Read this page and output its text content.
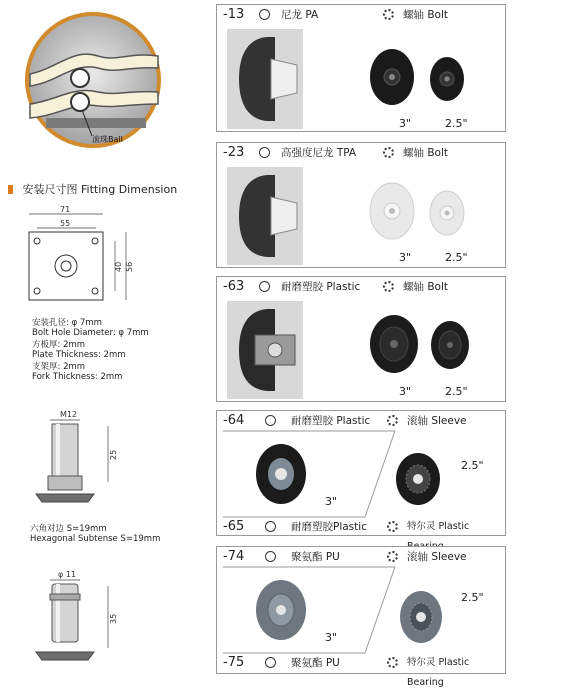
滚珠Ball
安装尺寸图 Fitting Dimension
71
55
40 56
安装孔径: φ 7mm
Bolt Hole Diameter: φ 7mm
方板厚: 2mm
Plate Thickness: 2mm
支架厚: 2mm
Fork Thickness: 2mm
M12
25
六角对边 S=19mm
Hexagonal Subtense S=19mm
φ 11
35
-13	尼龙 PA	螺轴 Bolt
3"	2.5"
-23	高强度尼龙 TPA	螺轴 Bolt
3"	2.5"
-63	耐磨塑胶 Plastic	螺轴 Bolt
3"	2.5"
-64	耐磨塑胶 Plastic	滚轴 Sleeve
3"
2.5"
-65	耐磨塑胶Plastic	特尔灵 Plastic
-74	聚氨酯 PU	滚轴 Sleeve
3"
2.5"
-75	聚氨酯 PU	特尔灵 Plastic Bearing
